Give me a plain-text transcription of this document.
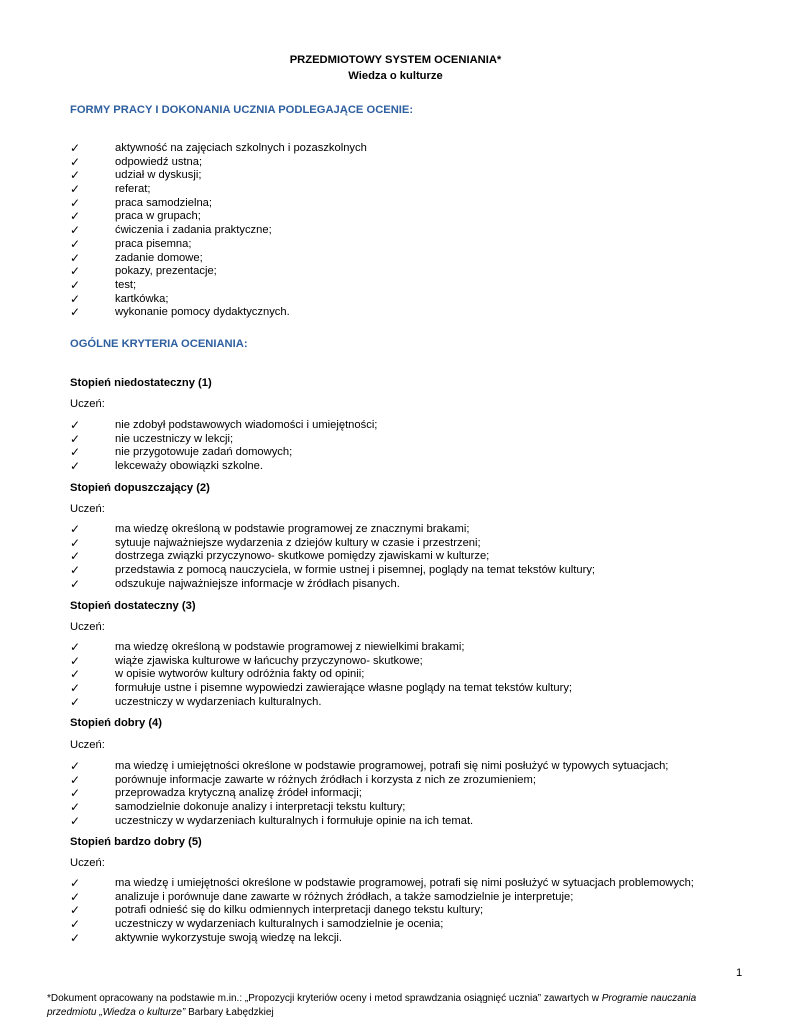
PRZEDMIOTOWY SYSTEM OCENIANIA*
Wiedza o kulturze
FORMY PRACY I DOKONANIA UCZNIA PODLEGAJĄCE OCENIE:
✓	aktywność na zajęciach szkolnych i pozaszkolnych
✓	odpowiedź ustna;
✓	udział w dyskusji;
✓	referat;
✓	praca samodzielna;
✓	praca w grupach;
✓	ćwiczenia i zadania praktyczne;
✓	praca pisemna;
✓	zadanie domowe;
✓	pokazy, prezentacje;
✓	test;
✓	kartkówka;
✓	wykonanie pomocy dydaktycznych.
OGÓLNE KRYTERIA OCENIANIA:
Stopień niedostateczny (1)
Uczeń:
✓	nie zdobył podstawowych wiadomości i umiejętności;
✓	nie uczestniczy w lekcji;
✓	nie przygotowuje zadań domowych;
✓	lekceważy obowiązki szkolne.
Stopień dopuszczający (2)
Uczeń:
✓	ma wiedzę określoną w podstawie programowej ze znacznymi brakami;
✓	sytuuje najważniejsze wydarzenia z dziejów kultury w czasie i przestrzeni;
✓	dostrzega związki przyczynowo- skutkowe pomiędzy zjawiskami w kulturze;
✓	przedstawia z pomocą nauczyciela, w formie ustnej i pisemnej, poglądy na temat tekstów kultury;
✓	odszukuje najważniejsze informacje w źródłach pisanych.
Stopień dostateczny (3)
Uczeń:
✓	ma wiedzę określoną w podstawie programowej z niewielkimi brakami;
✓	wiąże zjawiska kulturowe w łańcuchy przyczynowo- skutkowe;
✓	w opisie wytworów kultury odróżnia fakty od opinii;
✓	formułuje ustne i pisemne wypowiedzi zawierające własne poglądy na temat tekstów kultury;
✓	uczestniczy w wydarzeniach kulturalnych.
Stopień dobry (4)
Uczeń:
✓	ma wiedzę i umiejętności określone w podstawie programowej, potrafi się nimi posłużyć w typowych sytuacjach;
✓	porównuje informacje zawarte w różnych źródłach i korzysta z nich ze zrozumieniem;
✓	przeprowadza krytyczną analizę źródeł informacji;
✓	samodzielnie dokonuje analizy i interpretacji tekstu kultury;
✓	uczestniczy w wydarzeniach kulturalnych i formułuje opinie na ich temat.
Stopień bardzo dobry (5)
Uczeń:
✓	ma wiedzę i umiejętności określone w podstawie programowej, potrafi się nimi posłużyć w sytuacjach problemowych;
✓	analizuje i porównuje dane zawarte w różnych źródłach, a także samodzielnie je interpretuje;
✓	potrafi odnieść się do kilku odmiennych interpretacji danego tekstu kultury;
✓	uczestniczy w wydarzeniach kulturalnych i samodzielnie je ocenia;
✓	aktywnie wykorzystuje swoją wiedzę na lekcji.
1
*Dokument opracowany na podstawie m.in.: „Propozycji kryteriów oceny i metod sprawdzania osiągnięć ucznia” zawartych w Programie nauczania przedmiotu „Wiedza o kulturze” Barbary Łabędzkiej
